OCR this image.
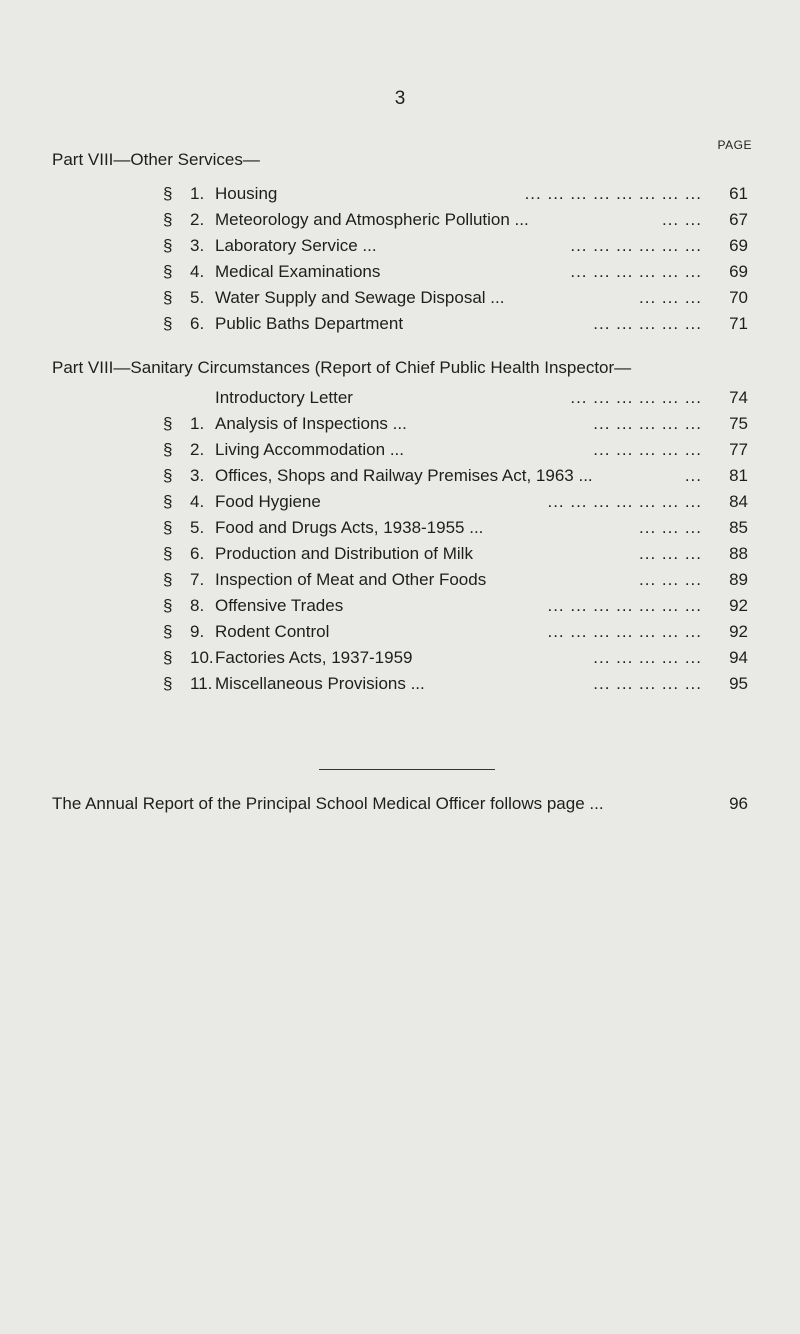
3
PAGE
Part VIII—Other Services—
§ 1. Housing	... ... ... ... ... ... ... ... 61
§ 2. Meteorology and Atmospheric Pollution ...	... ... 67
§ 3. Laboratory Service ...	... ... ... ... ... ... 69
§ 4. Medical Examinations	... ... ... ... ... ... 69
§ 5. Water Supply and Sewage Disposal ...	... ... ... 70
§ 6. Public Baths Department	... ... ... ... ... 71
Part VIII—Sanitary Circumstances (Report of Chief Public Health Inspector—
Introductory Letter	... ... ... ... ... ... 74
§ 1. Analysis of Inspections ...	... ... ... ... ... 75
§ 2. Living Accommodation ...	... ... ... ... ... 77
§ 3. Offices, Shops and Railway Premises Act, 1963 ...	... 81
§ 4. Food Hygiene	... ... ... ... ... ... ... 84
§ 5. Food and Drugs Acts, 1938-1955 ...	... ... ... 85
§ 6. Production and Distribution of Milk	... ... ... 88
§ 7. Inspection of Meat and Other Foods	... ... ... 89
§ 8. Offensive Trades	... ... ... ... ... ... ... 92
§ 9. Rodent Control	... ... ... ... ... ... ... 92
§ 10. Factories Acts, 1937-1959	... ... ... ... ... 94
§ 11. Miscellaneous Provisions ...	... ... ... ... ... 95
The Annual Report of the Principal School Medical Officer follows page ...	96
